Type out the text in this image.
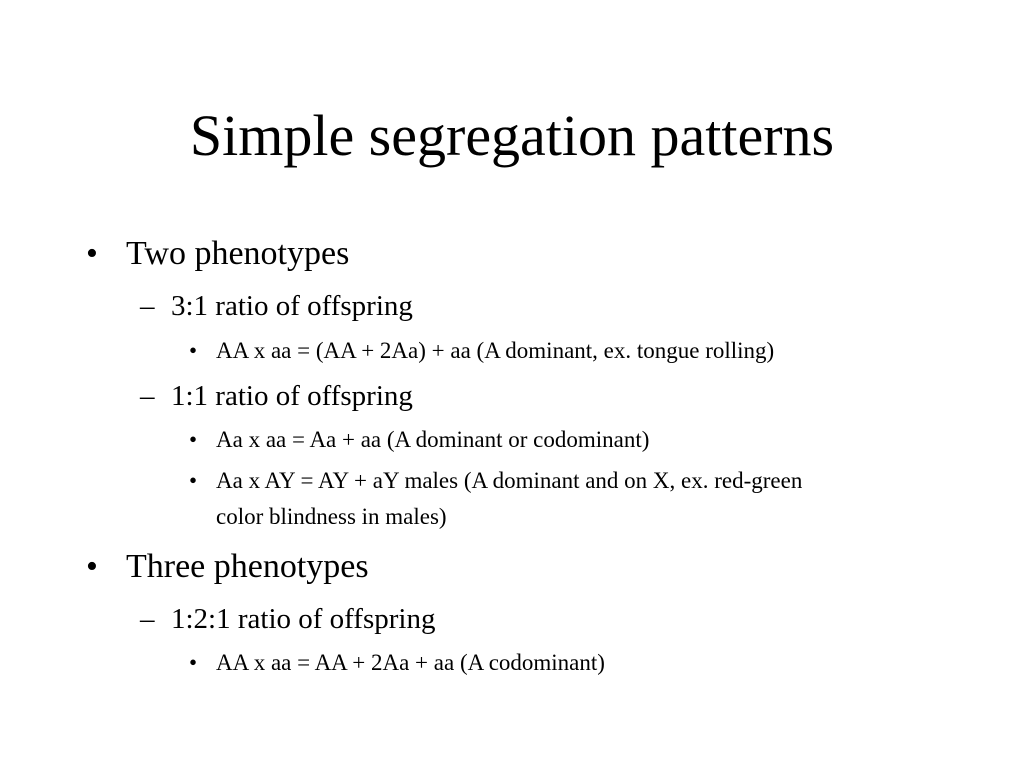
Simple segregation patterns
• Two phenotypes
– 3:1 ratio of offspring
• AA x aa = (AA + 2Aa) + aa (A dominant, ex. tongue rolling)
– 1:1 ratio of offspring
• Aa x aa = Aa + aa (A dominant or codominant)
• Aa x AY = AY + aY males (A dominant and on X, ex. red-green
color blindness in males)
• Three phenotypes
– 1:2:1 ratio of offspring
• AA x aa = AA + 2Aa + aa (A codominant)
